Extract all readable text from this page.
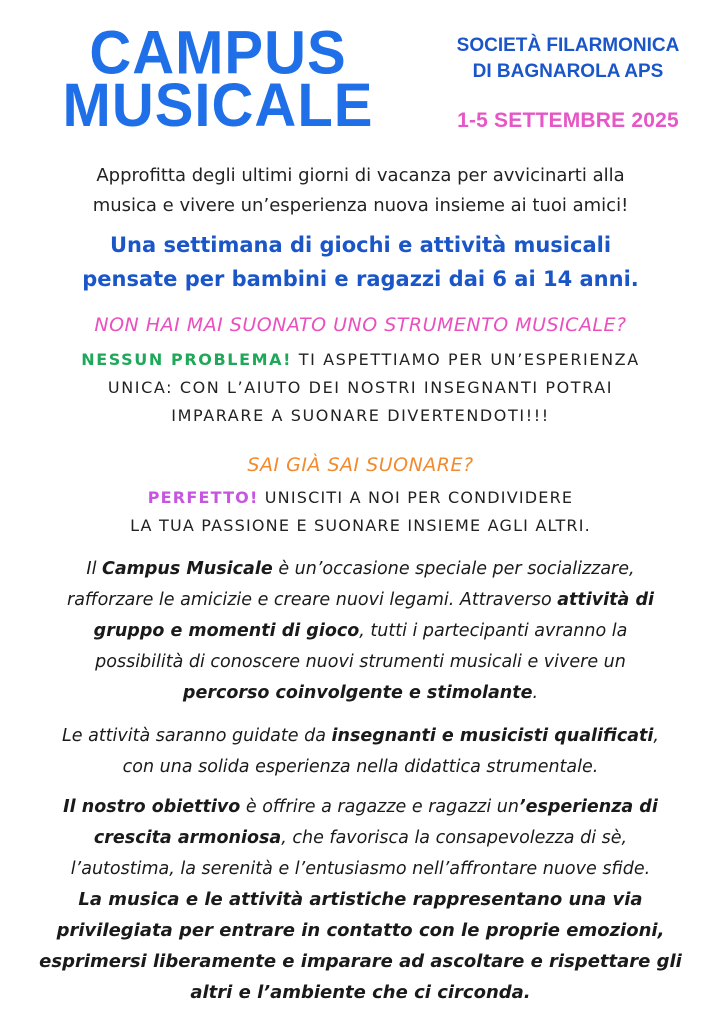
CAMPUS
MUSICALE
SOCIETÀ FILARMONICA
DI BAGNAROLA APS
1-5 SETTEMBRE 2025
Approfitta degli ultimi giorni di vacanza per avvicinarti alla
musica e vivere un’esperienza nuova insieme ai tuoi amici!
Una settimana di giochi e attività musicali
pensate per bambini e ragazzi dai 6 ai 14 anni.
NON HAI MAI SUONATO UNO STRUMENTO MUSICALE?
NESSUN PROBLEMA! TI ASPETTIAMO PER UN’ESPERIENZA
UNICA: CON L’AIUTO DEI NOSTRI INSEGNANTI POTRAI
IMPARARE A SUONARE DIVERTENDOTI!!!
SAI GIÀ SAI SUONARE?
PERFETTO! UNISCITI A NOI PER CONDIVIDERE
LA TUA PASSIONE E SUONARE INSIEME AGLI ALTRI.
Il Campus Musicale è un’occasione speciale per socializzare,
rafforzare le amicizie e creare nuovi legami. Attraverso attività di
gruppo e momenti di gioco, tutti i partecipanti avranno la
possibilità di conoscere nuovi strumenti musicali e vivere un
percorso coinvolgente e stimolante.
Le attività saranno guidate da insegnanti e musicisti qualificati,
con una solida esperienza nella didattica strumentale.
Il nostro obiettivo è offrire a ragazze e ragazzi un’esperienza di
crescita armoniosa, che favorisca la consapevolezza di sè,
l’autostima, la serenità e l’entusiasmo nell’affrontare nuove sfide.
La musica e le attività artistiche rappresentano una via
privilegiata per entrare in contatto con le proprie emozioni,
esprimersi liberamente e imparare ad ascoltare e rispettare gli
altri e l’ambiente che ci circonda.
